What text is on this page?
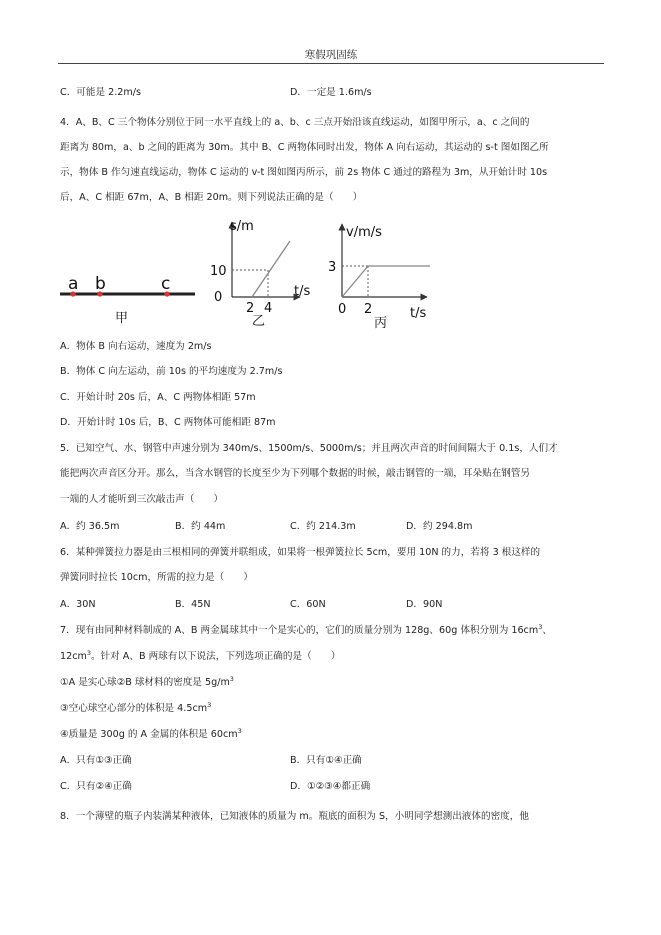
寒假巩固练
C．可能是 2.2m/s	D．一定是 1.6m/s
4．A、B、C 三个物体分别位于同一水平直线上的 a、b、c 三点开始沿该直线运动，如图甲所示，a、c 之间的
距离为 80m，a、b 之间的距离为 30m。其中 B、C 两物体同时出发，物体 A 向右运动，其运动的 s-t 图如图乙所
示，物体 B 作匀速直线运动，物体 C 运动的 v-t 图如图丙所示，前 2s 物体 C 通过的路程为 3m，从开始计时 10s
后，A、C 相距 67m，A、B 相距 20m。则下列说法正确的是（　　）
a b	c
甲
s/m
t/s
10
0
2 4
乙
v/m/s
t/s
3
0 2
丙
A．物体 B 向右运动，速度为 2m/s
B．物体 C 向左运动，前 10s 的平均速度为 2.7m/s
C．开始计时 20s 后，A、C 两物体相距 57m
D．开始计时 10s 后，B、C 两物体可能相距 87m
5．已知空气、水、钢管中声速分别为 340m/s、1500m/s、5000m/s；并且两次声音的时间间隔大于 0.1s，人们才
能把两次声音区分开。那么，当含水钢管的长度至少为下列哪个数据的时候，敲击钢管的一端，耳朵贴在钢管另
一端的人才能听到三次敲击声（　　）
A．约 36.5m	B．约 44m	C．约 214.3m	D．约 294.8m
6．某种弹簧拉力器是由三根相同的弹簧并联组成，如果将一根弹簧拉长 5cm，要用 10N 的力，若将 3 根这样的
弹簧同时拉长 10cm，所需的拉力是（　　）
A．30N	B．45N	C．60N	D．90N
7．现有由同种材料制成的 A、B 两金属球其中一个是实心的，它们的质量分别为 128g、60g 体积分别为 $16cm^3$、
$12cm^3$。针对 A、B 两球有以下说法，下列选项正确的是（　　）
①A 是实心球②B 球材料的密度是 $5g/m^3$
③空心球空心部分的体积是 $4.5cm^3$
④质量是 300g 的 A 金属的体积是 $60cm^3$
A．只有①③正确	B．只有①④正确
C．只有②④正确	D．①②③④都正确
8．一个薄壁的瓶子内装满某种液体，已知液体的质量为 m。瓶底的面积为 S，小明同学想测出液体的密度，他
